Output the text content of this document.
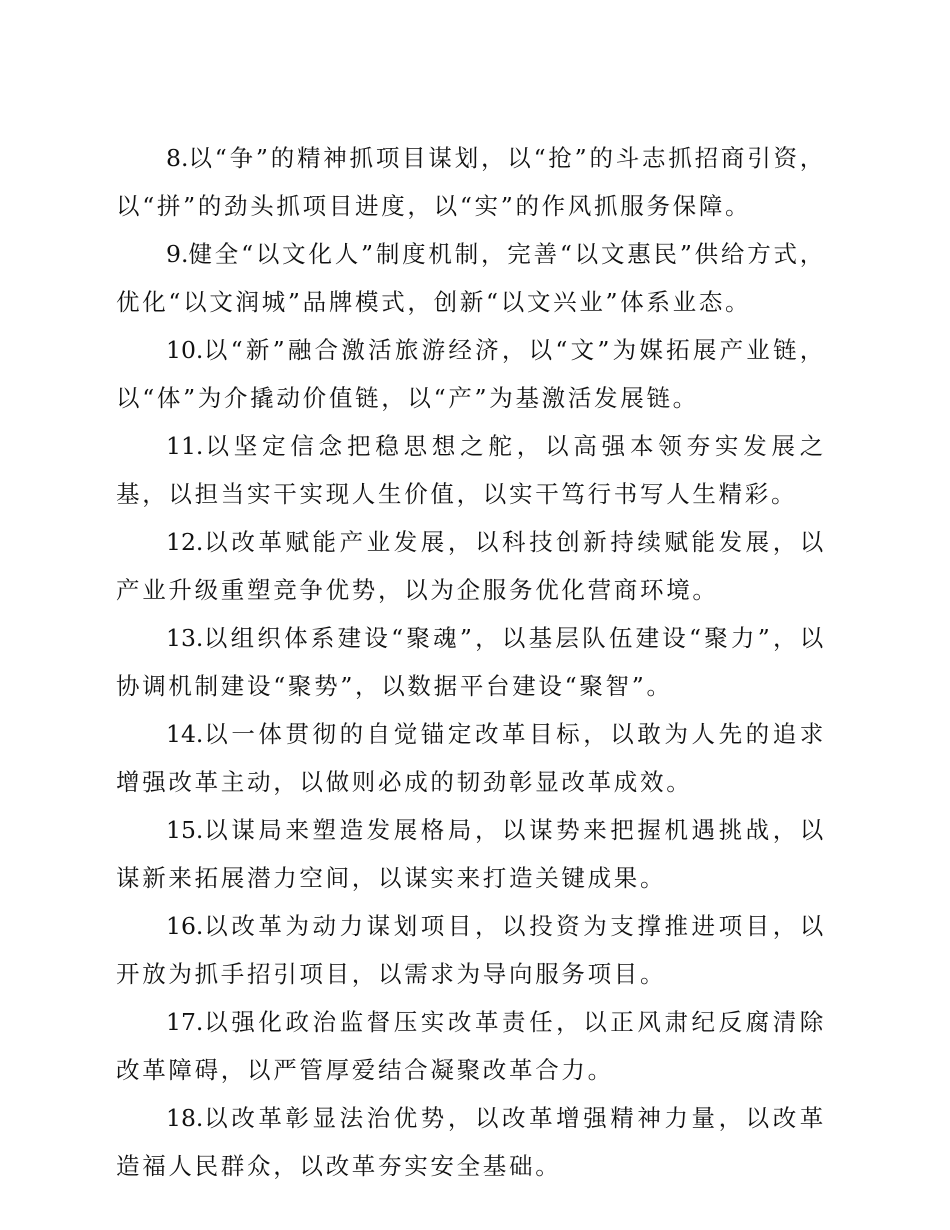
8.以“争”的精神抓项目谋划，以“抢”的斗志抓招商引资，以“拼”的劲头抓项目进度，以“实”的作风抓服务保障。

9.健全“以文化人”制度机制，完善“以文惠民”供给方式，优化“以文润城”品牌模式，创新“以文兴业”体系业态。

10.以“新”融合激活旅游经济，以“文”为媒拓展产业链，以“体”为介撬动价值链，以“产”为基激活发展链。

11.以坚定信念把稳思想之舵，以高强本领夯实发展之基，以担当实干实现人生价值，以实干笃行书写人生精彩。

12.以改革赋能产业发展，以科技创新持续赋能发展，以产业升级重塑竞争优势，以为企服务优化营商环境。

13.以组织体系建设“聚魂”，以基层队伍建设“聚力”，以协调机制建设“聚势”，以数据平台建设“聚智”。

14.以一体贯彻的自觉锚定改革目标，以敢为人先的追求增强改革主动，以做则必成的韧劲彰显改革成效。

15.以谋局来塑造发展格局，以谋势来把握机遇挑战，以谋新来拓展潜力空间，以谋实来打造关键成果。

16.以改革为动力谋划项目，以投资为支撑推进项目，以开放为抓手招引项目，以需求为导向服务项目。

17.以强化政治监督压实改革责任，以正风肃纪反腐清除改革障碍，以严管厚爱结合凝聚改革合力。

18.以改革彰显法治优势，以改革增强精神力量，以改革造福人民群众，以改革夯实安全基础。
